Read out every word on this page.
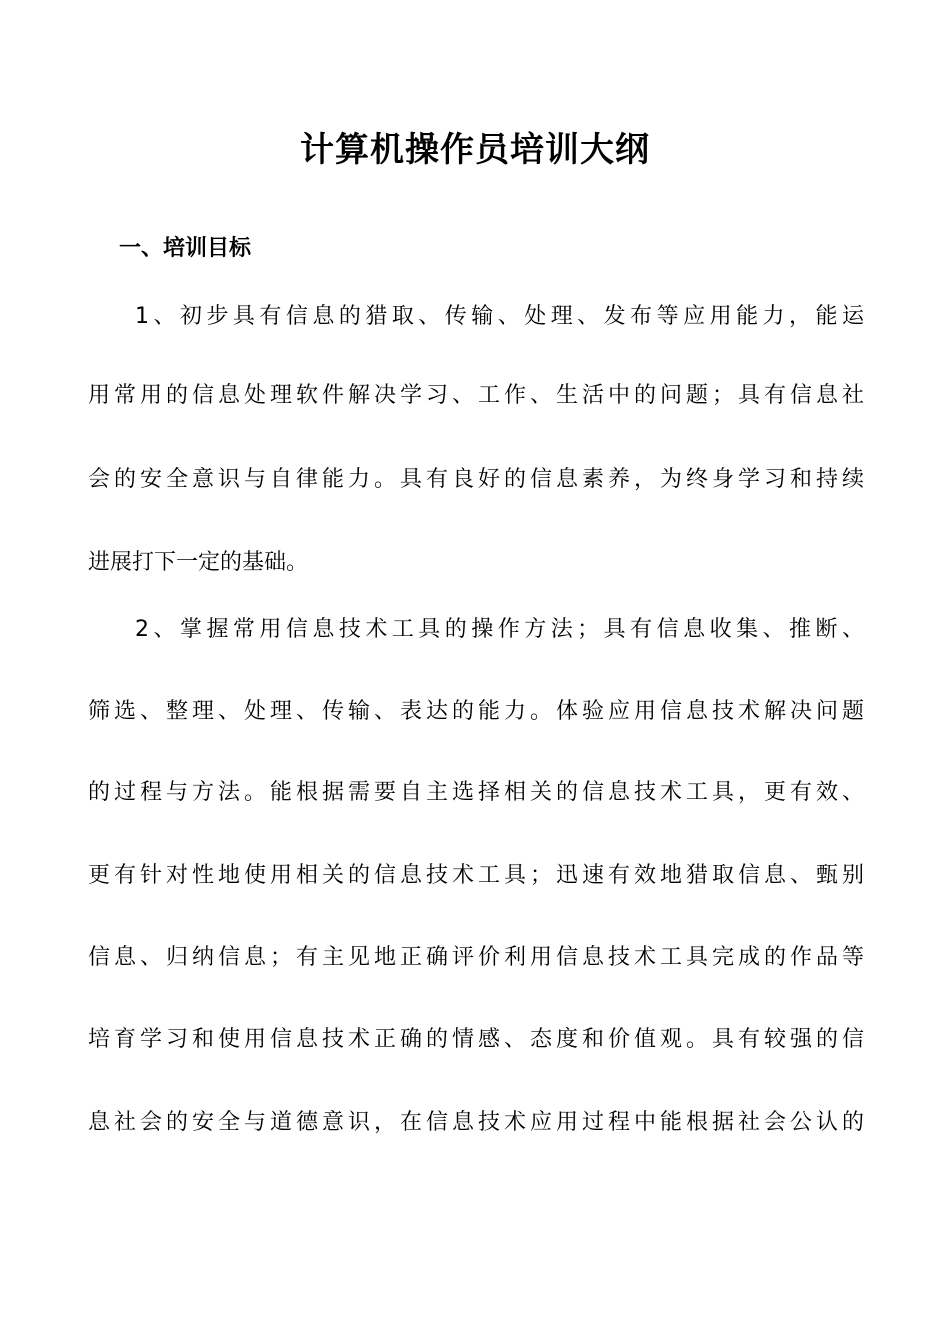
计算机操作员培训大纲
一、培训目标

1、初步具有信息的猎取、传输、处理、发布等应用能力，能运

用常用的信息处理软件解决学习、工作、生活中的问题；具有信息社

会的安全意识与自律能力。具有良好的信息素养，为终身学习和持续

进展打下一定的基础。

2、掌握常用信息技术工具的操作方法；具有信息收集、推断、

筛选、整理、处理、传输、表达的能力。体验应用信息技术解决问题

的过程与方法。能根据需要自主选择相关的信息技术工具，更有效、

更有针对性地使用相关的信息技术工具；迅速有效地猎取信息、甄别

信息、归纳信息；有主见地正确评价利用信息技术工具完成的作品等

培育学习和使用信息技术正确的情感、态度和价值观。具有较强的信

息社会的安全与道德意识，在信息技术应用过程中能根据社会公认的
